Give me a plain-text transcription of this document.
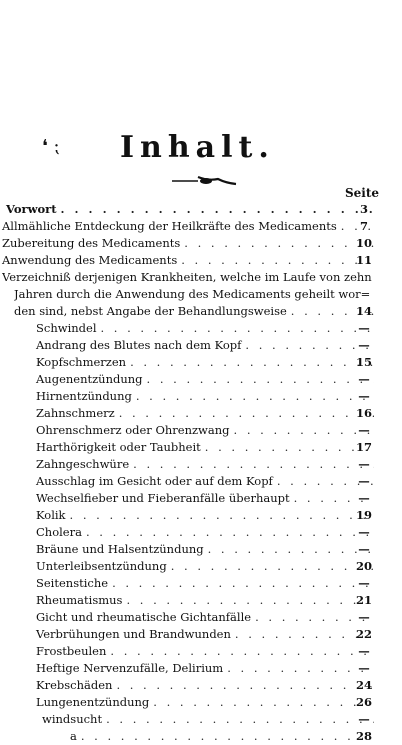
❛ ⁏ Inhalt.
Seite
Vorwort . . .	3
Allmähliche Entdeckung der Heilkräfte des Medicaments . . .	7
Zubereitung des Medicaments . . .	10
Anwendung des Medicaments . . .	11
Verzeichniß derjenigen Krankheiten, welche im Laufe von zehn
Jahren durch die Anwendung des Medicaments geheilt wor=
den sind, nebst Angabe der Behandlungsweise . . .	14
Schwindel . . .	—
Andrang des Blutes nach dem Kopf . . .	—
Kopfschmerzen . . .	15
Augenentzündung . . .	—
Hirnentzündung . . .	—
Zahnschmerz . . .	16
Ohrenschmerz oder Ohrenzwang . . .	—
Harthörigkeit oder Taubheit . . .	17
Zahngeschwüre . . .	—
Ausschlag im Gesicht oder auf dem Kopf . . .	—
Wechselfieber und Fieberanfälle überhaupt . . .	—
Kolik . . .	19
Cholera . . .	—
Bräune und Halsentzündung . . .	—
Unterleibsentzündung . . .	20
Seitenstiche . . .	—
Rheumatismus . . .	21
Gicht und rheumatische Gichtanfälle . . .	—
Verbrühungen und Brandwunden . . .	22
Frostbeulen . . .	—
Heftige Nervenzufälle, Delirium . . .	—
Krebschäden . . .	24
Lungenentzündung . . .	26
windsucht . . .	—
a . . .	28
